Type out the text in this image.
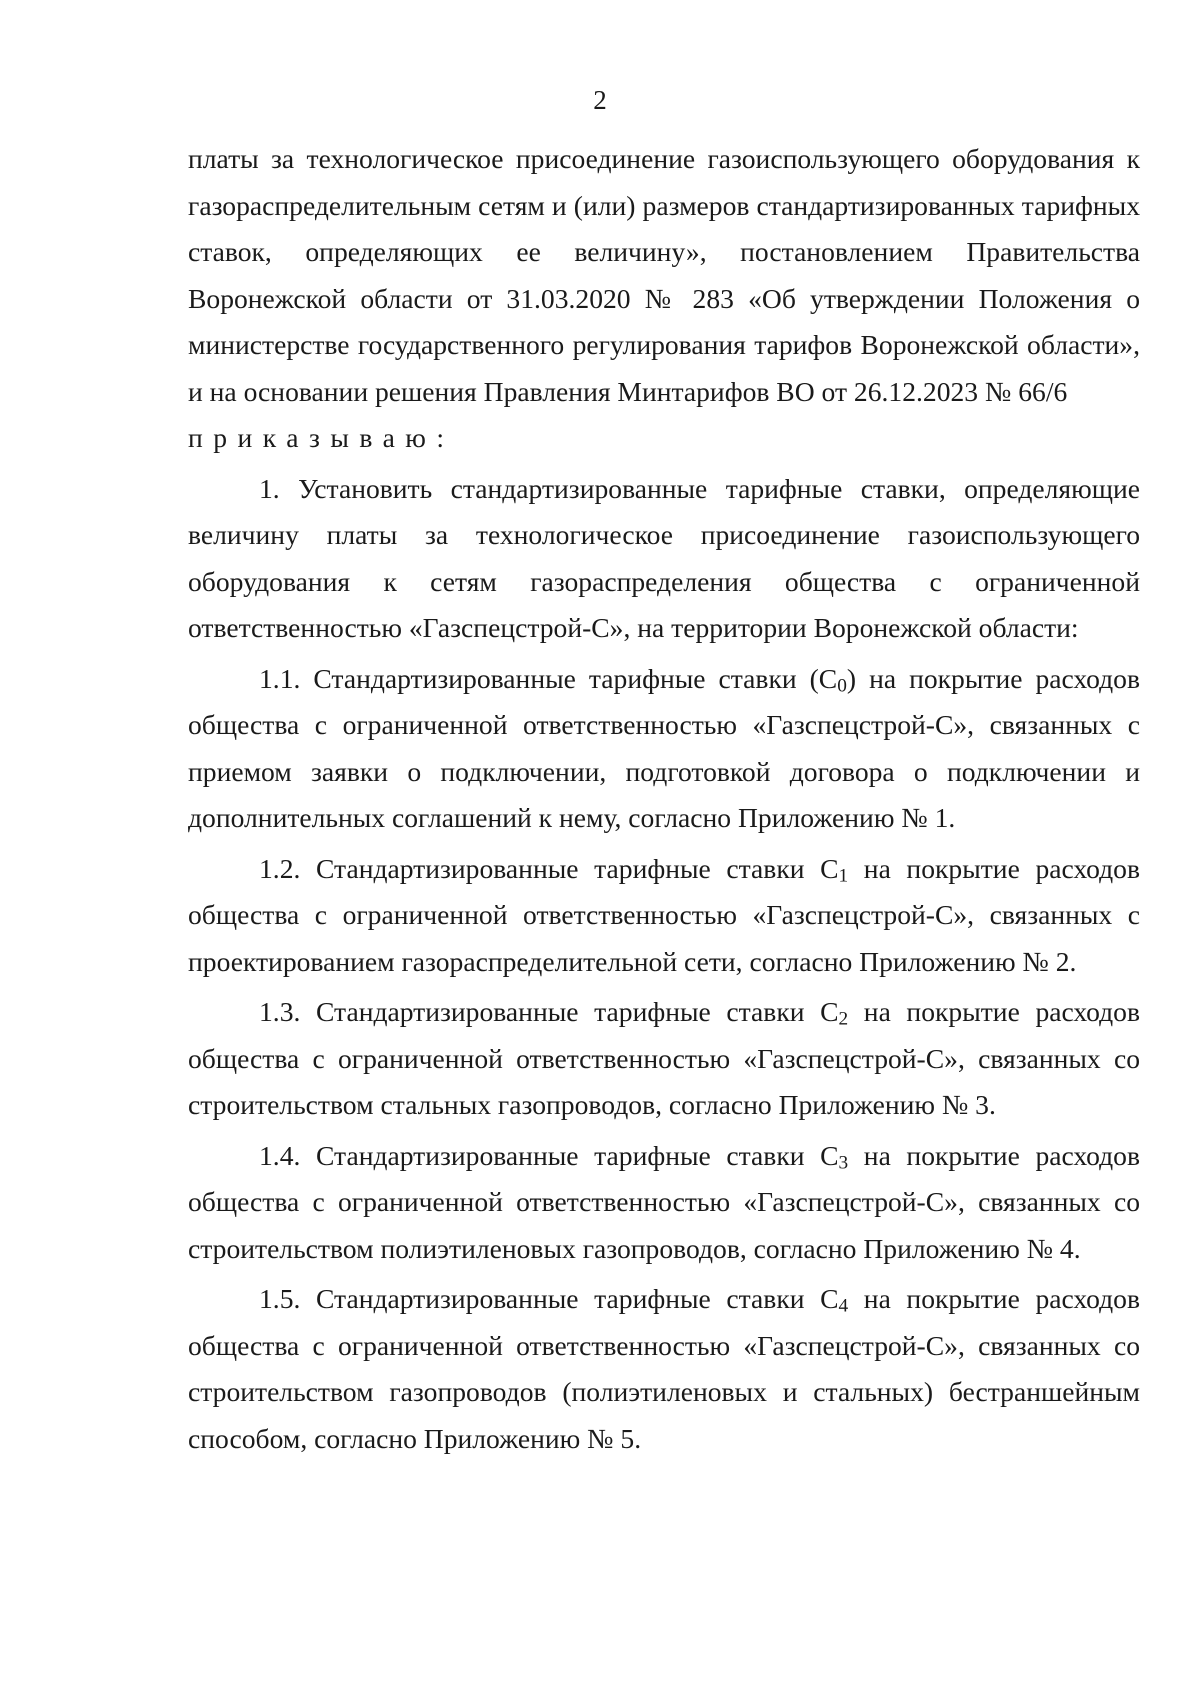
2

платы за технологическое присоединение газоиспользующего оборудования к газораспределительным сетям и (или) размеров стандартизированных тарифных ставок, определяющих ее величину», постановлением Правительства Воронежской области от 31.03.2020 № 283 «Об утверждении Положения о министерстве государственного регулирования тарифов Воронежской области», и на основании решения Правления Минтарифов ВО от 26.12.2023 № 66/6

приказываю:

1. Установить стандартизированные тарифные ставки, определяющие величину платы за технологическое присоединение газоиспользующего оборудования к сетям газораспределения общества с ограниченной ответственностью «Газспецстрой-С», на территории Воронежской области:

1.1. Стандартизированные тарифные ставки (С0) на покрытие расходов общества с ограниченной ответственностью «Газспецстрой-С», связанных с приемом заявки о подключении, подготовкой договора о подключении и дополнительных соглашений к нему, согласно Приложению № 1.

1.2. Стандартизированные тарифные ставки С1 на покрытие расходов общества с ограниченной ответственностью «Газспецстрой-С», связанных с проектированием газораспределительной сети, согласно Приложению № 2.

1.3. Стандартизированные тарифные ставки С2 на покрытие расходов общества с ограниченной ответственностью «Газспецстрой-С», связанных со строительством стальных газопроводов, согласно Приложению № 3.

1.4. Стандартизированные тарифные ставки С3 на покрытие расходов общества с ограниченной ответственностью «Газспецстрой-С», связанных со строительством полиэтиленовых газопроводов, согласно Приложению № 4.

1.5. Стандартизированные тарифные ставки С4 на покрытие расходов общества с ограниченной ответственностью «Газспецстрой-С», связанных со строительством газопроводов (полиэтиленовых и стальных) бестраншейным способом, согласно Приложению № 5.
